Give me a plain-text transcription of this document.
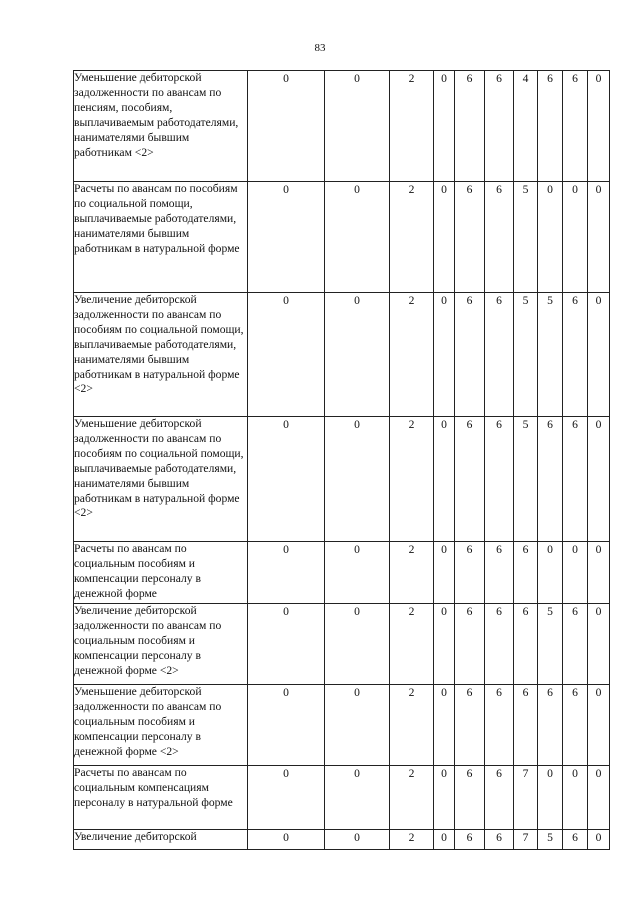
83
Уменьшение дебиторской задолженности по авансам по пенсиям, пособиям, выплачиваемым работодателями, нанимателями бывшим работникам <2>	0	0	2	0	6	6	4	6	6	0
Расчеты по авансам по пособиям по социальной помощи, выплачиваемые работодателями, нанимателями бывшим работникам в натуральной форме	0	0	2	0	6	6	5	0	0	0
Увеличение дебиторской задолженности по авансам по пособиям по социальной помощи, выплачиваемые работодателями, нанимателями бывшим работникам в натуральной форме <2>	0	0	2	0	6	6	5	5	6	0
Уменьшение дебиторской задолженности по авансам по пособиям по социальной помощи, выплачиваемые работодателями, нанимателями бывшим работникам в натуральной форме <2>	0	0	2	0	6	6	5	6	6	0
Расчеты по авансам по социальным пособиям и компенсации персоналу в денежной форме	0	0	2	0	6	6	6	0	0	0
Увеличение дебиторской задолженности по авансам по социальным пособиям и компенсации персоналу в денежной форме <2>	0	0	2	0	6	6	6	5	6	0
Уменьшение дебиторской задолженности по авансам по социальным пособиям и компенсации персоналу в денежной форме <2>	0	0	2	0	6	6	6	6	6	0
Расчеты по авансам по социальным компенсациям персоналу в натуральной форме	0	0	2	0	6	6	7	0	0	0
Увеличение дебиторской	0	0	2	0	6	6	7	5	6	0
